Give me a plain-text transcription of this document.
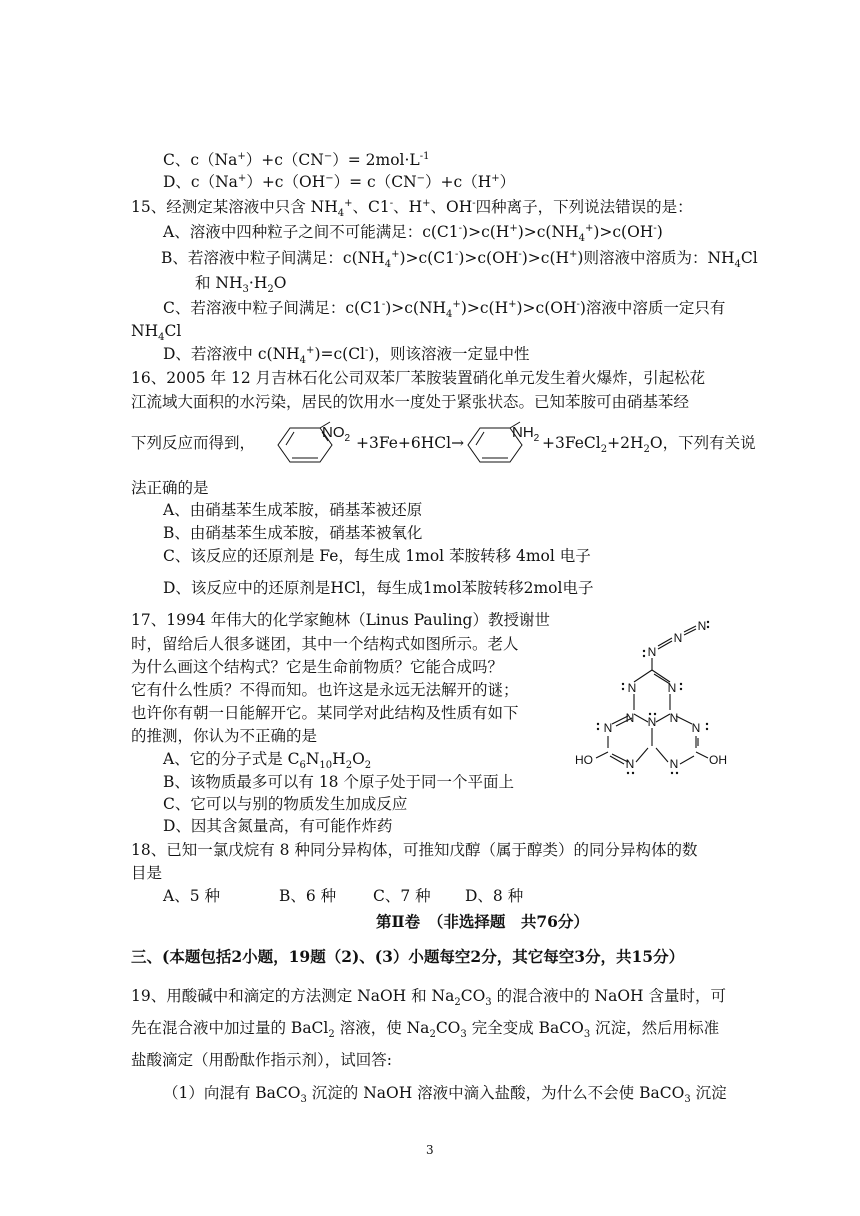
C、$c(Na^+)+c(CN^-)= 2mol\cdot L^{-1}$
D、c（Na+）+c（OH−）= c（CN−）+c（H+）
15、经测定某溶液中只含 $NH_4^+$、C1-、H+、OH-四种离子，下列说法错误的是：
A、溶液中四种粒子之间不可能满足：$c(C1^-)>c(H^+)>c(NH_4^+)>c(OH^-)$
B、若溶液中粒子间满足：$c(NH_4^+)>c(C1^-)>c(OH^-)>c(H^+)$则溶液中溶质为：$NH_4Cl$
和 $NH_3\cdot H_2O$
C、若溶液中粒子间满足：$c(C1^-)>c(NH_4^+)>c(H^+)>c(OH^-)$溶液中溶质一定只有
$NH_4Cl$
D、若溶液中 $c(NH_4^+)=c(Cl^-)$，则该溶液一定显中性
16、2005 年 12 月吉林石化公司双苯厂苯胺装置硝化单元发生着火爆炸，引起松花
江流域大面积的水污染，居民的饮用水一度处于紧张状态。已知苯胺可由硝基苯经
下列反应而得到，
$NO_2 +3Fe+6HCl\to$
$NH_2$ $+3FeCl_2+2H_2O$，下列有关说
法正确的是
A、由硝基苯生成苯胺，硝基苯被还原
B、由硝基苯生成苯胺，硝基苯被氧化
C、该反应的还原剂是 Fe，每生成 1mol 苯胺转移 4mol 电子
D、该反应中的还原剂是HCl，每生成1mol苯胺转移2mol电子
17、1994 年伟大的化学家鲍林（Linus Pauling）教授谢世
时，留给后人很多谜团，其中一个结构式如图所示。老人
为什么画这个结构式？它是生命前物质？它能合成吗？
它有什么性质？不得而知。也许这是永远无法解开的谜；
也许你有朝一日能解开它。某同学对此结构及性质有如下
的推测，你认为不正确的是
A、它的分子式是 $C_6N_{10}H_2O_2$
B、该物质最多可以有 18 个原子处于同一个平面上
C、它可以与别的物质发生加成反应
D、因其含氮量高，有可能作炸药
N
N
N
N	N
N N N
N	N
N	N
HO	OH
18、已知一氯戊烷有 8 种同分异构体，可推知戊醇（属于醇类）的同分异构体的数
目是
A、5 种	B、6 种 C、7 种 D、8 种
第Ⅱ卷　（非选择题　共76分）
三、(本题包括2小题，19题（2)、(3）小题每空2分，其它每空3分，共15分）
19、用酸碱中和滴定的方法测定 NaOH 和 $Na_2CO_3$ 的混合液中的 NaOH 含量时，可
先在混合液中加过量的 BaCl$_2$ 溶液，使 $Na_2CO_3$ 完全变成 BaCO$_3$ 沉淀，然后用标准
盐酸滴定（用酚酞作指示剂），试回答:
（1）向混有 BaCO$_3$ 沉淀的 NaOH 溶液中滴入盐酸，为什么不会使 BaCO$_3$ 沉淀
3
